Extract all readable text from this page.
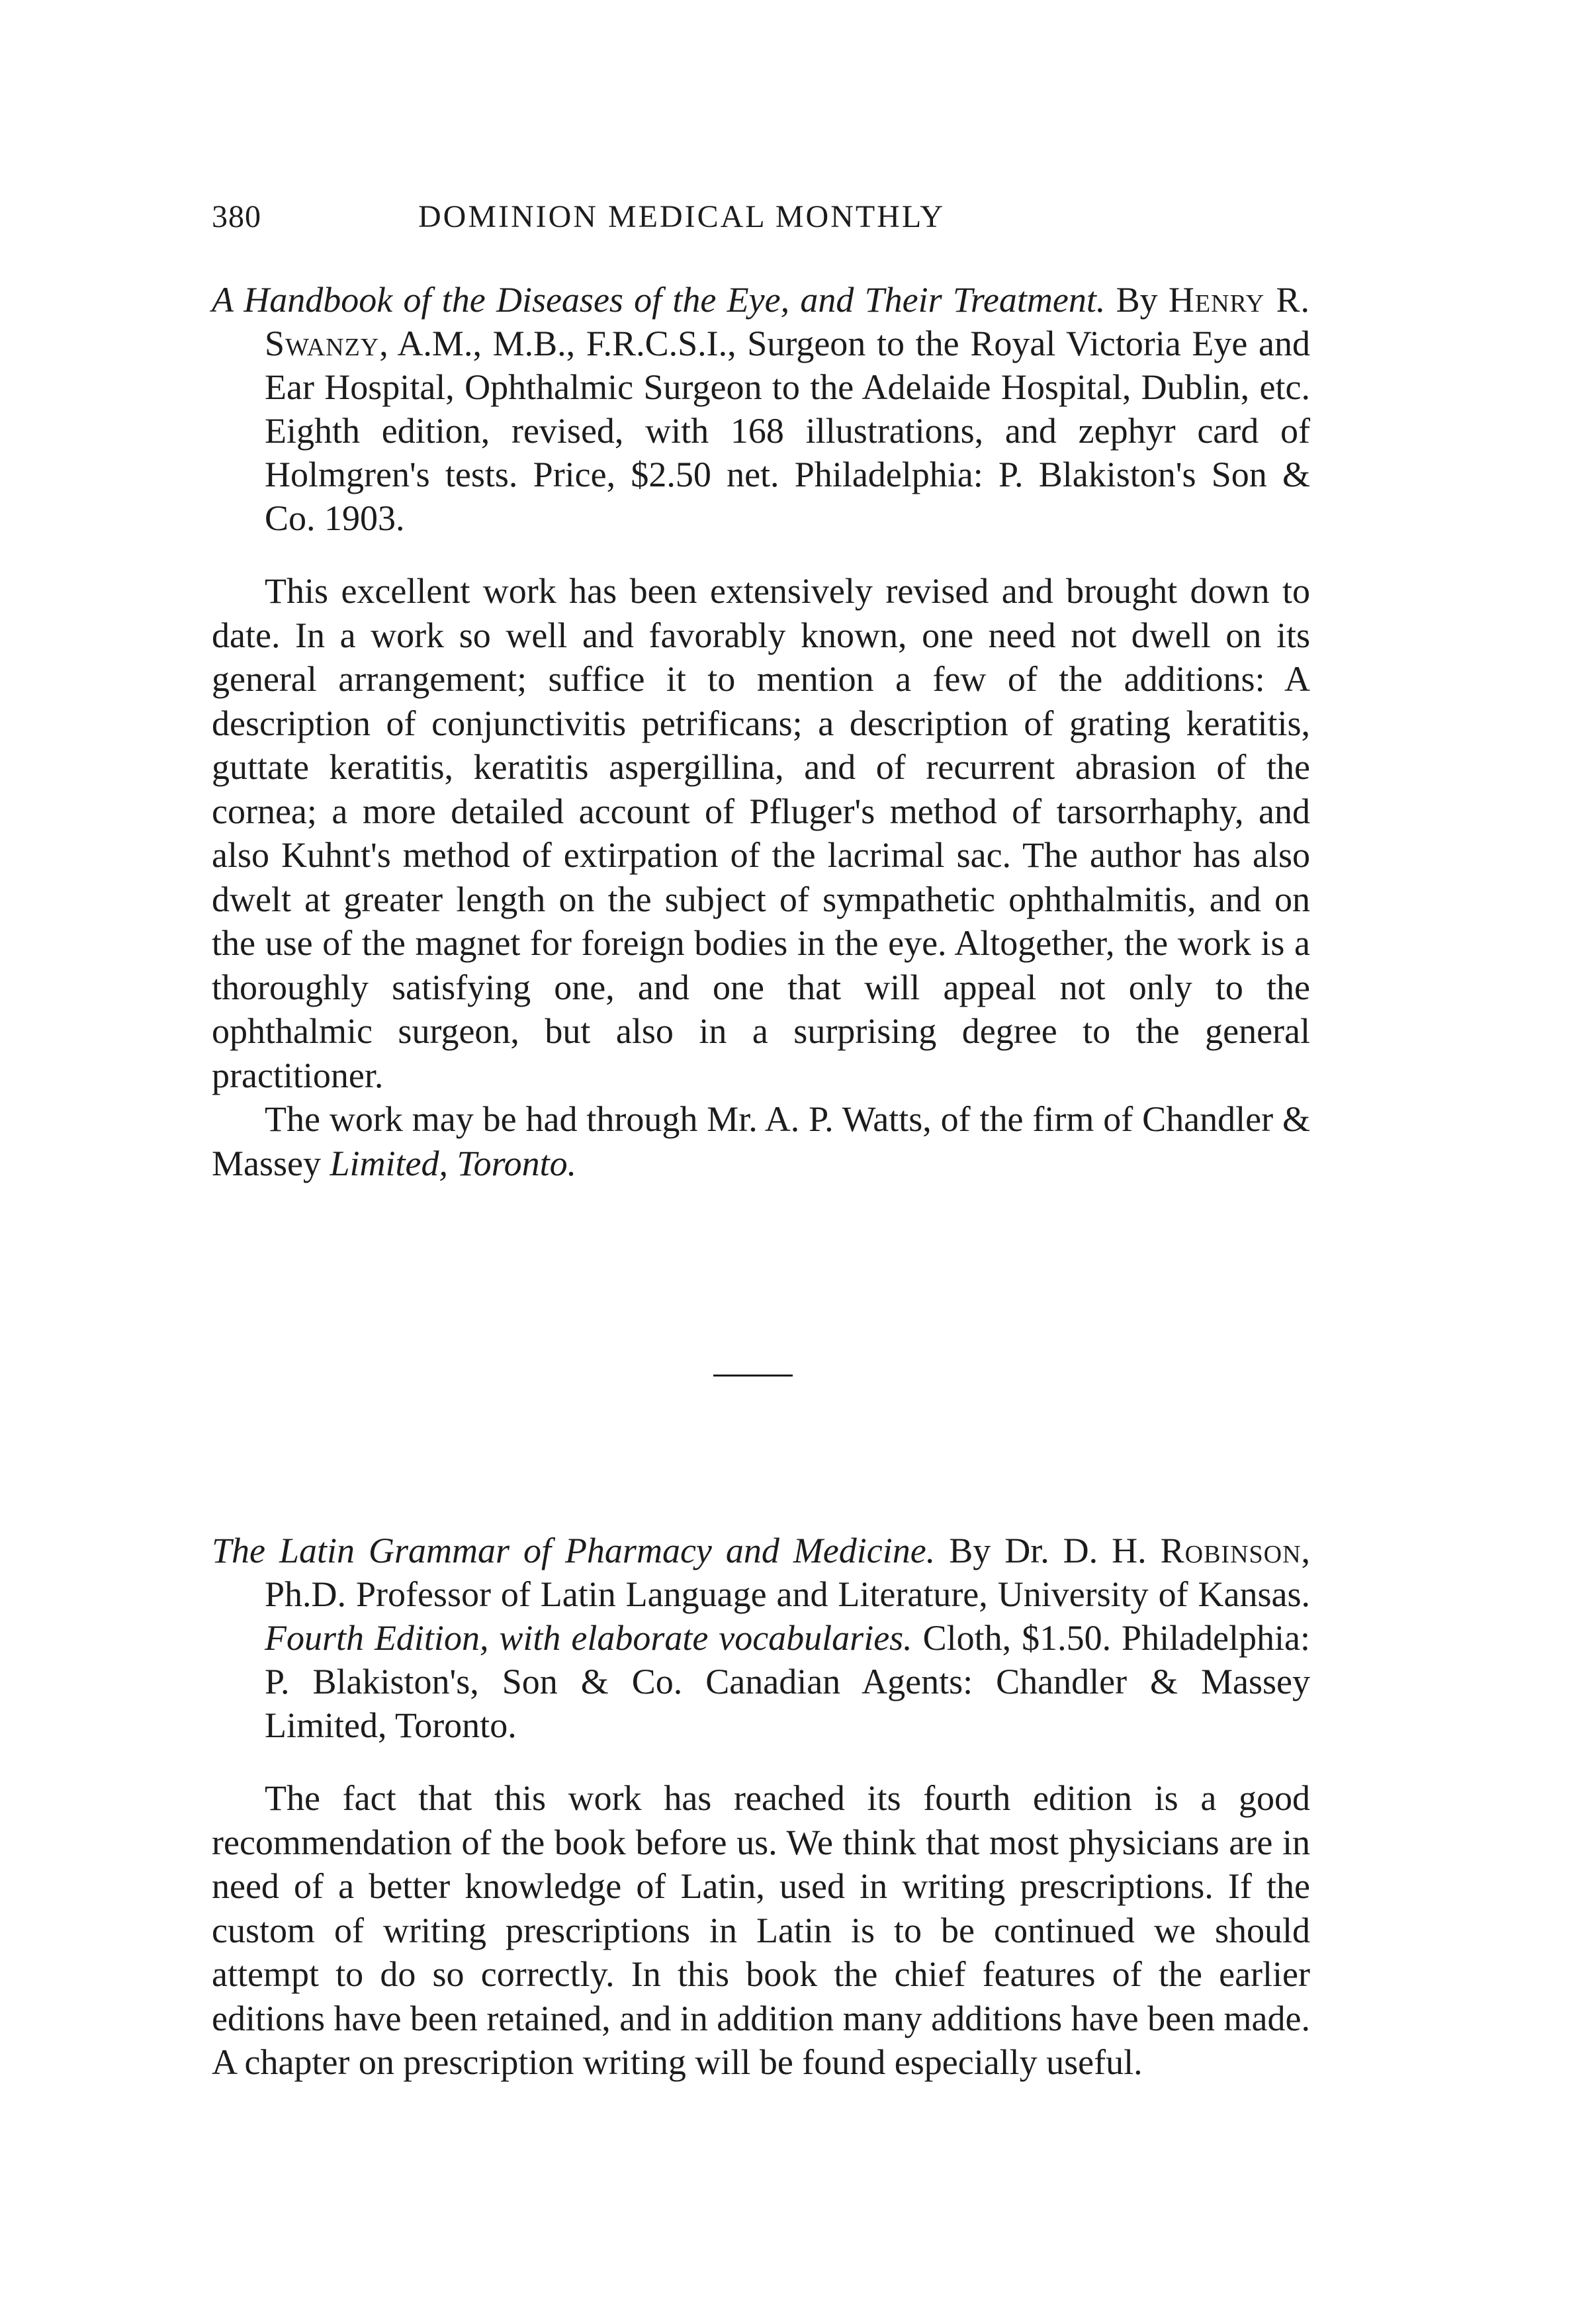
380	DOMINION MEDICAL MONTHLY
A Handbook of the Diseases of the Eye, and Their Treatment. By Henry R. Swanzy, A.M., M.B., F.R.C.S.I., Surgeon to the Royal Victoria Eye and Ear Hospital, Ophthalmic Surgeon to the Adelaide Hospital, Dublin, etc. Eighth edition, revised, with 168 illustrations, and zephyr card of Holmgren's tests. Price, $2.50 net. Philadelphia: P. Blakiston's Son & Co. 1903.

This excellent work has been extensively revised and brought down to date. In a work so well and favorably known, one need not dwell on its general arrangement; suffice it to mention a few of the additions: A description of conjunctivitis petrificans; a description of grating keratitis, guttate keratitis, keratitis aspergillina, and of recurrent abrasion of the cornea; a more detailed account of Pfluger's method of tarsorrhaphy, and also Kuhnt's method of extirpation of the lacrimal sac. The author has also dwelt at greater length on the subject of sympathetic ophthalmitis, and on the use of the magnet for foreign bodies in the eye. Altogether, the work is a thoroughly satisfying one, and one that will appeal not only to the ophthalmic surgeon, but also in a surprising degree to the general practitioner.

The work may be had through Mr. A. P. Watts, of the firm of Chandler & Massey Limited, Toronto.

The Latin Grammar of Pharmacy and Medicine. By Dr. D. H. Robinson, Ph.D. Professor of Latin Language and Literature, University of Kansas. Fourth Edition, with elaborate vocabularies. Cloth, $1.50. Philadelphia: P. Blakiston's, Son & Co. Canadian Agents: Chandler & Massey Limited, Toronto.

The fact that this work has reached its fourth edition is a good recommendation of the book before us. We think that most physicians are in need of a better knowledge of Latin, used in writing prescriptions. If the custom of writing prescriptions in Latin is to be continued we should attempt to do so correctly. In this book the chief features of the earlier editions have been retained, and in addition many additions have been made. A chapter on prescription writing will be found especially useful.
